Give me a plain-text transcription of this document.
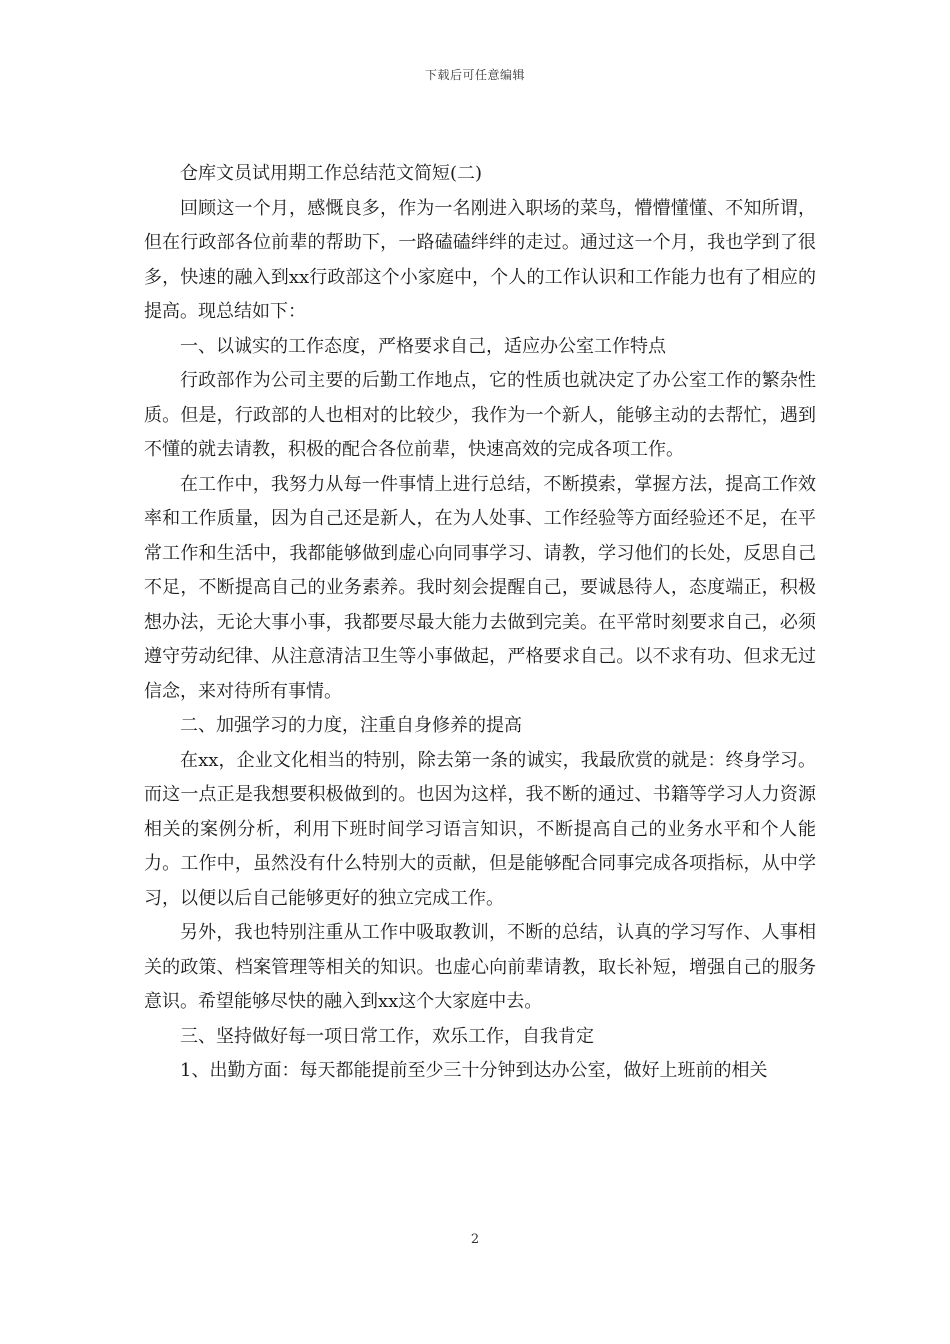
下载后可任意编辑

仓库文员试用期工作总结范文简短(二)

回顾这一个月，感慨良多，作为一名刚进入职场的菜鸟，懵懵懂懂、不知所谓，但在行政部各位前辈的帮助下，一路磕磕绊绊的走过。通过这一个月，我也学到了很多，快速的融入到xx行政部这个小家庭中，个人的工作认识和工作能力也有了相应的提高。现总结如下：

一、以诚实的工作态度，严格要求自己，适应办公室工作特点

行政部作为公司主要的后勤工作地点，它的性质也就决定了办公室工作的繁杂性质。但是，行政部的人也相对的比较少，我作为一个新人，能够主动的去帮忙，遇到不懂的就去请教，积极的配合各位前辈，快速高效的完成各项工作。

在工作中，我努力从每一件事情上进行总结，不断摸索，掌握方法，提高工作效率和工作质量，因为自己还是新人，在为人处事、工作经验等方面经验还不足，在平常工作和生活中，我都能够做到虚心向同事学习、请教，学习他们的长处，反思自己不足，不断提高自己的业务素养。我时刻会提醒自己，要诚恳待人，态度端正，积极想办法，无论大事小事，我都要尽最大能力去做到完美。在平常时刻要求自己，必须遵守劳动纪律、从注意清洁卫生等小事做起，严格要求自己。以不求有功、但求无过信念，来对待所有事情。

二、加强学习的力度，注重自身修养的提高

在xx，企业文化相当的特别，除去第一条的诚实，我最欣赏的就是：终身学习。而这一点正是我想要积极做到的。也因为这样，我不断的通过、书籍等学习人力资源相关的案例分析，利用下班时间学习语言知识，不断提高自己的业务水平和个人能力。工作中，虽然没有什么特别大的贡献，但是能够配合同事完成各项指标，从中学习，以便以后自己能够更好的独立完成工作。

另外，我也特别注重从工作中吸取教训，不断的总结，认真的学习写作、人事相关的政策、档案管理等相关的知识。也虚心向前辈请教，取长补短，增强自己的服务意识。希望能够尽快的融入到xx这个大家庭中去。

三、坚持做好每一项日常工作，欢乐工作，自我肯定

1、出勤方面：每天都能提前至少三十分钟到达办公室，做好上班前的相关

2
